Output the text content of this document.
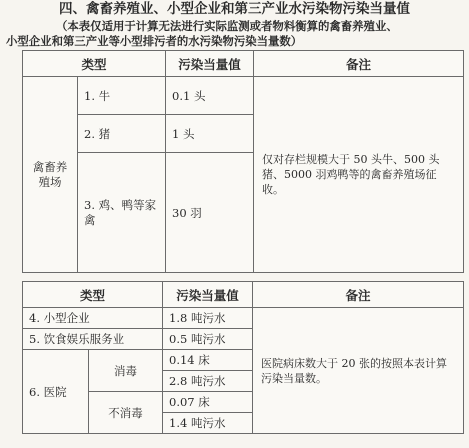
四、禽畜养殖业、小型企业和第三产业水污染物污染当量值
（本表仅适用于计算无法进行实际监测或者物料衡算的禽畜养殖业、
小型企业和第三产业等小型排污者的水污染物污染当量数）
类型		污染当量值	备注
禽畜养殖场	1. 牛	0.1 头	仅对存栏规模大于 50 头牛、500 头猪、5000 羽鸡鸭等的禽畜养殖场征收。
	2. 猪	1 头	
	3. 鸡、鸭等家禽	30 羽	
类型		污染当量值	备注
4. 小型企业		1.8 吨污水	医院病床数大于 20 张的按照本表计算污染当量数。
5. 饮食娱乐服务业		0.5 吨污水	
6. 医院	消毒	0.14 床	
		2.8 吨污水	
	不消毒	0.07 床	
		1.4 吨污水	
